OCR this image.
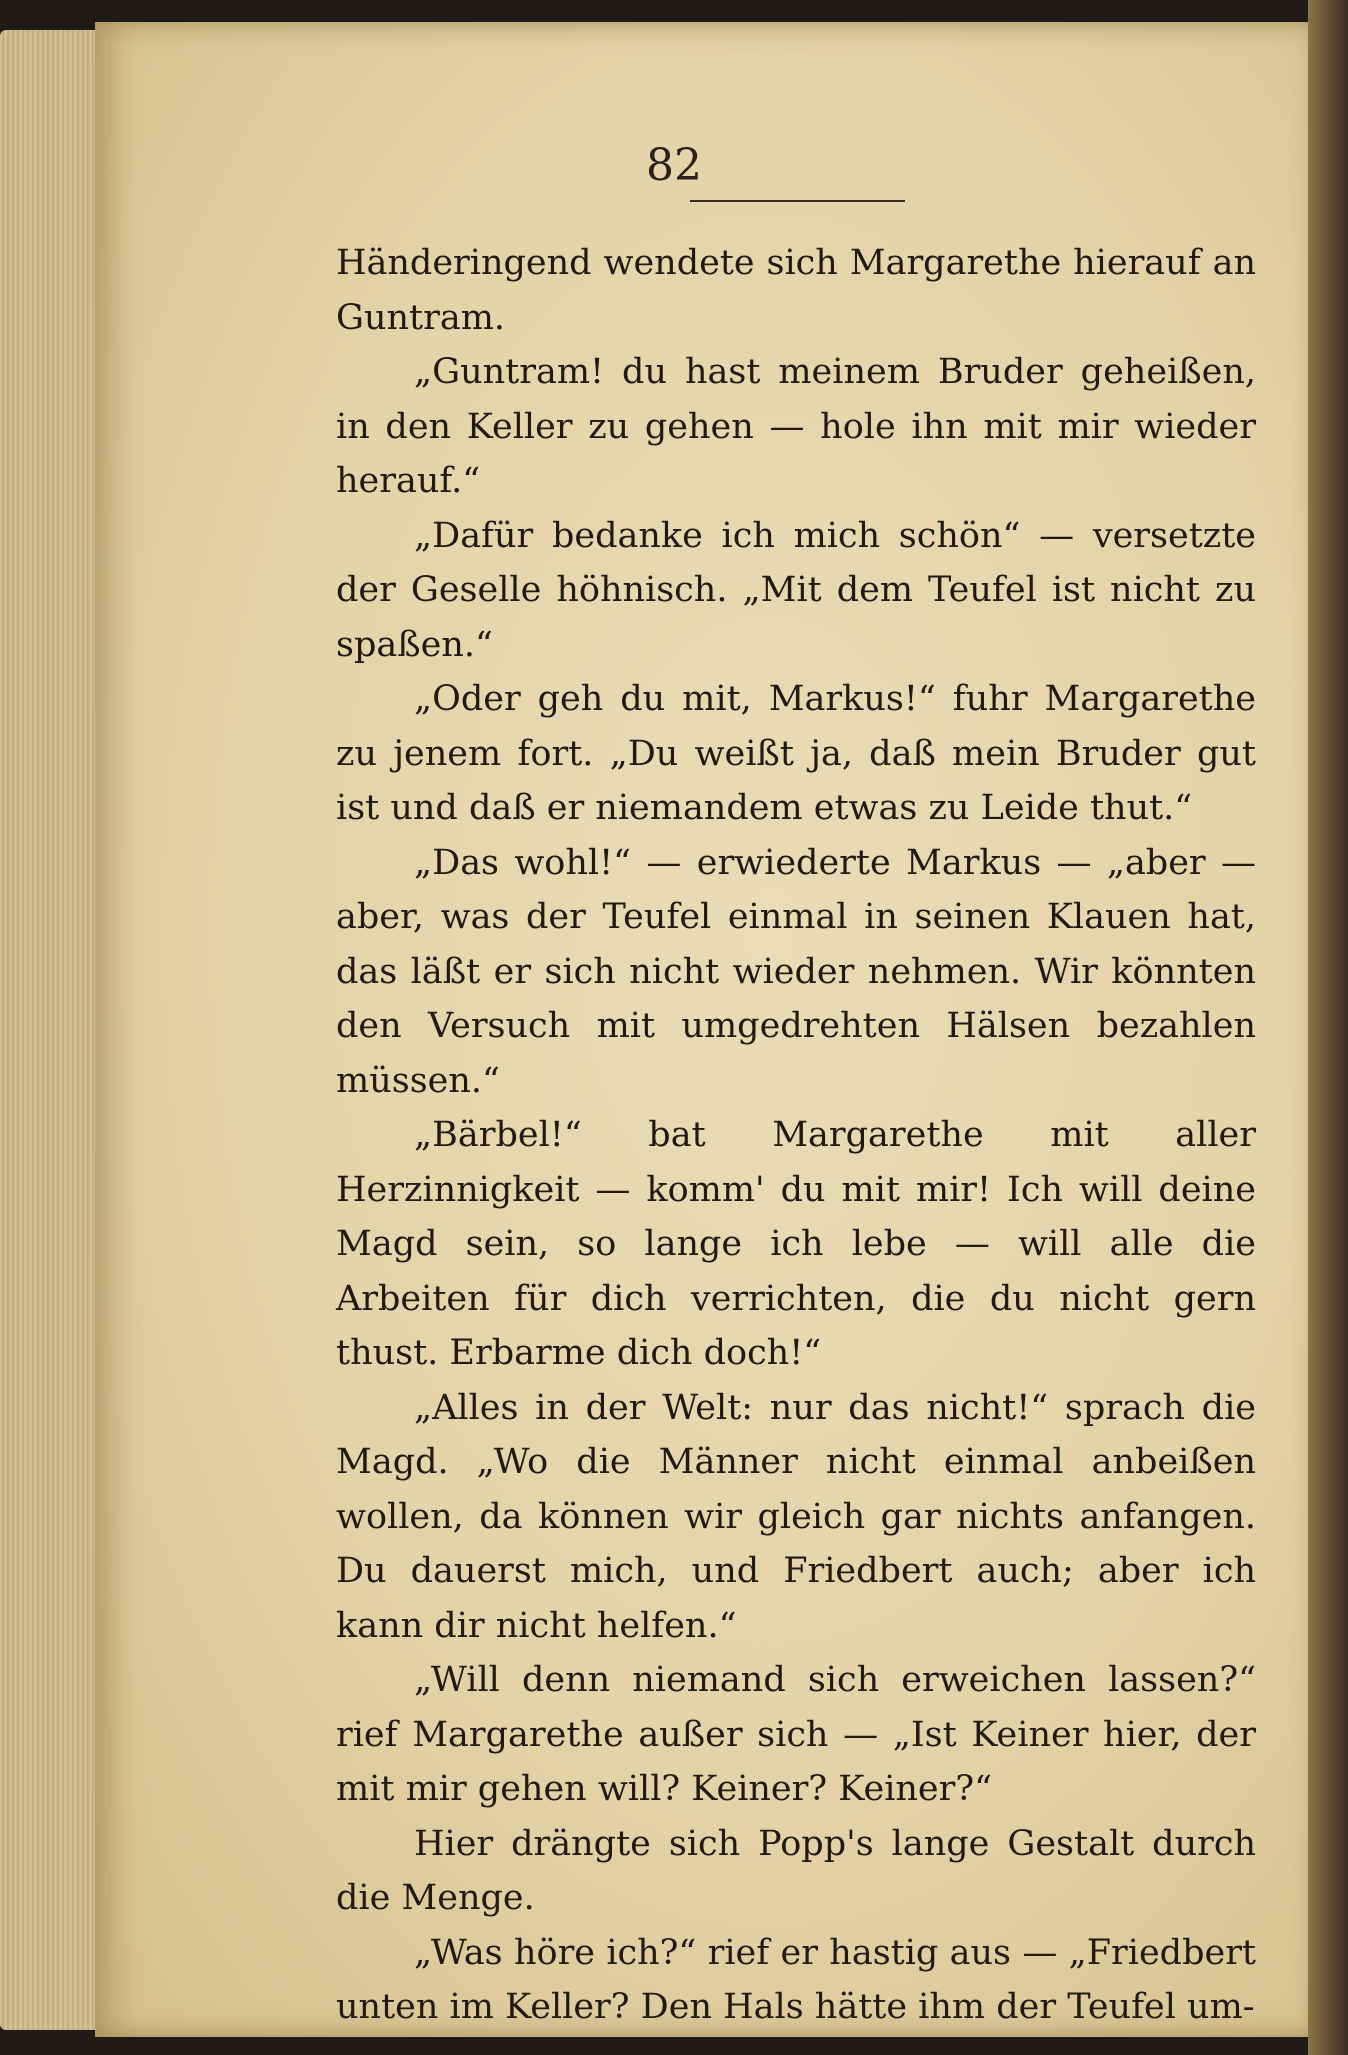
82

Händeringend wendete sich Margarethe hierauf an Guntram.

„Guntram! du hast meinem Bruder geheißen, in den Keller zu gehen — hole ihn mit mir wieder herauf.“

„Dafür bedanke ich mich schön“ — versetzte der Geselle höhnisch. „Mit dem Teufel ist nicht zu spaßen.“

„Oder geh du mit, Markus!“ fuhr Margarethe zu jenem fort. „Du weißt ja, daß mein Bruder gut ist und daß er niemandem etwas zu Leide thut.“

„Das wohl!“ — erwiederte Markus — „aber — aber, was der Teufel einmal in seinen Klauen hat, das läßt er sich nicht wieder nehmen. Wir könnten den Versuch mit umgedrehten Hälsen bezahlen müssen.“

„Bärbel!“ bat Margarethe mit aller Herzinnigkeit — komm' du mit mir! Ich will deine Magd sein, so lange ich lebe — will alle die Arbeiten für dich verrichten, die du nicht gern thust. Erbarme dich doch!“

„Alles in der Welt: nur das nicht!“ sprach die Magd. „Wo die Männer nicht einmal anbeißen wollen, da können wir gleich gar nichts anfangen. Du dauerst mich, und Friedbert auch; aber ich kann dir nicht helfen.“

„Will denn niemand sich erweichen lassen?“ rief Margarethe außer sich — „Ist Keiner hier, der mit mir gehen will? Keiner? Keiner?“

Hier drängte sich Popp's lange Gestalt durch die Menge.

„Was höre ich?“ rief er hastig aus — „Friedbert unten im Keller? Den Hals hätte ihm der Teufel um-
